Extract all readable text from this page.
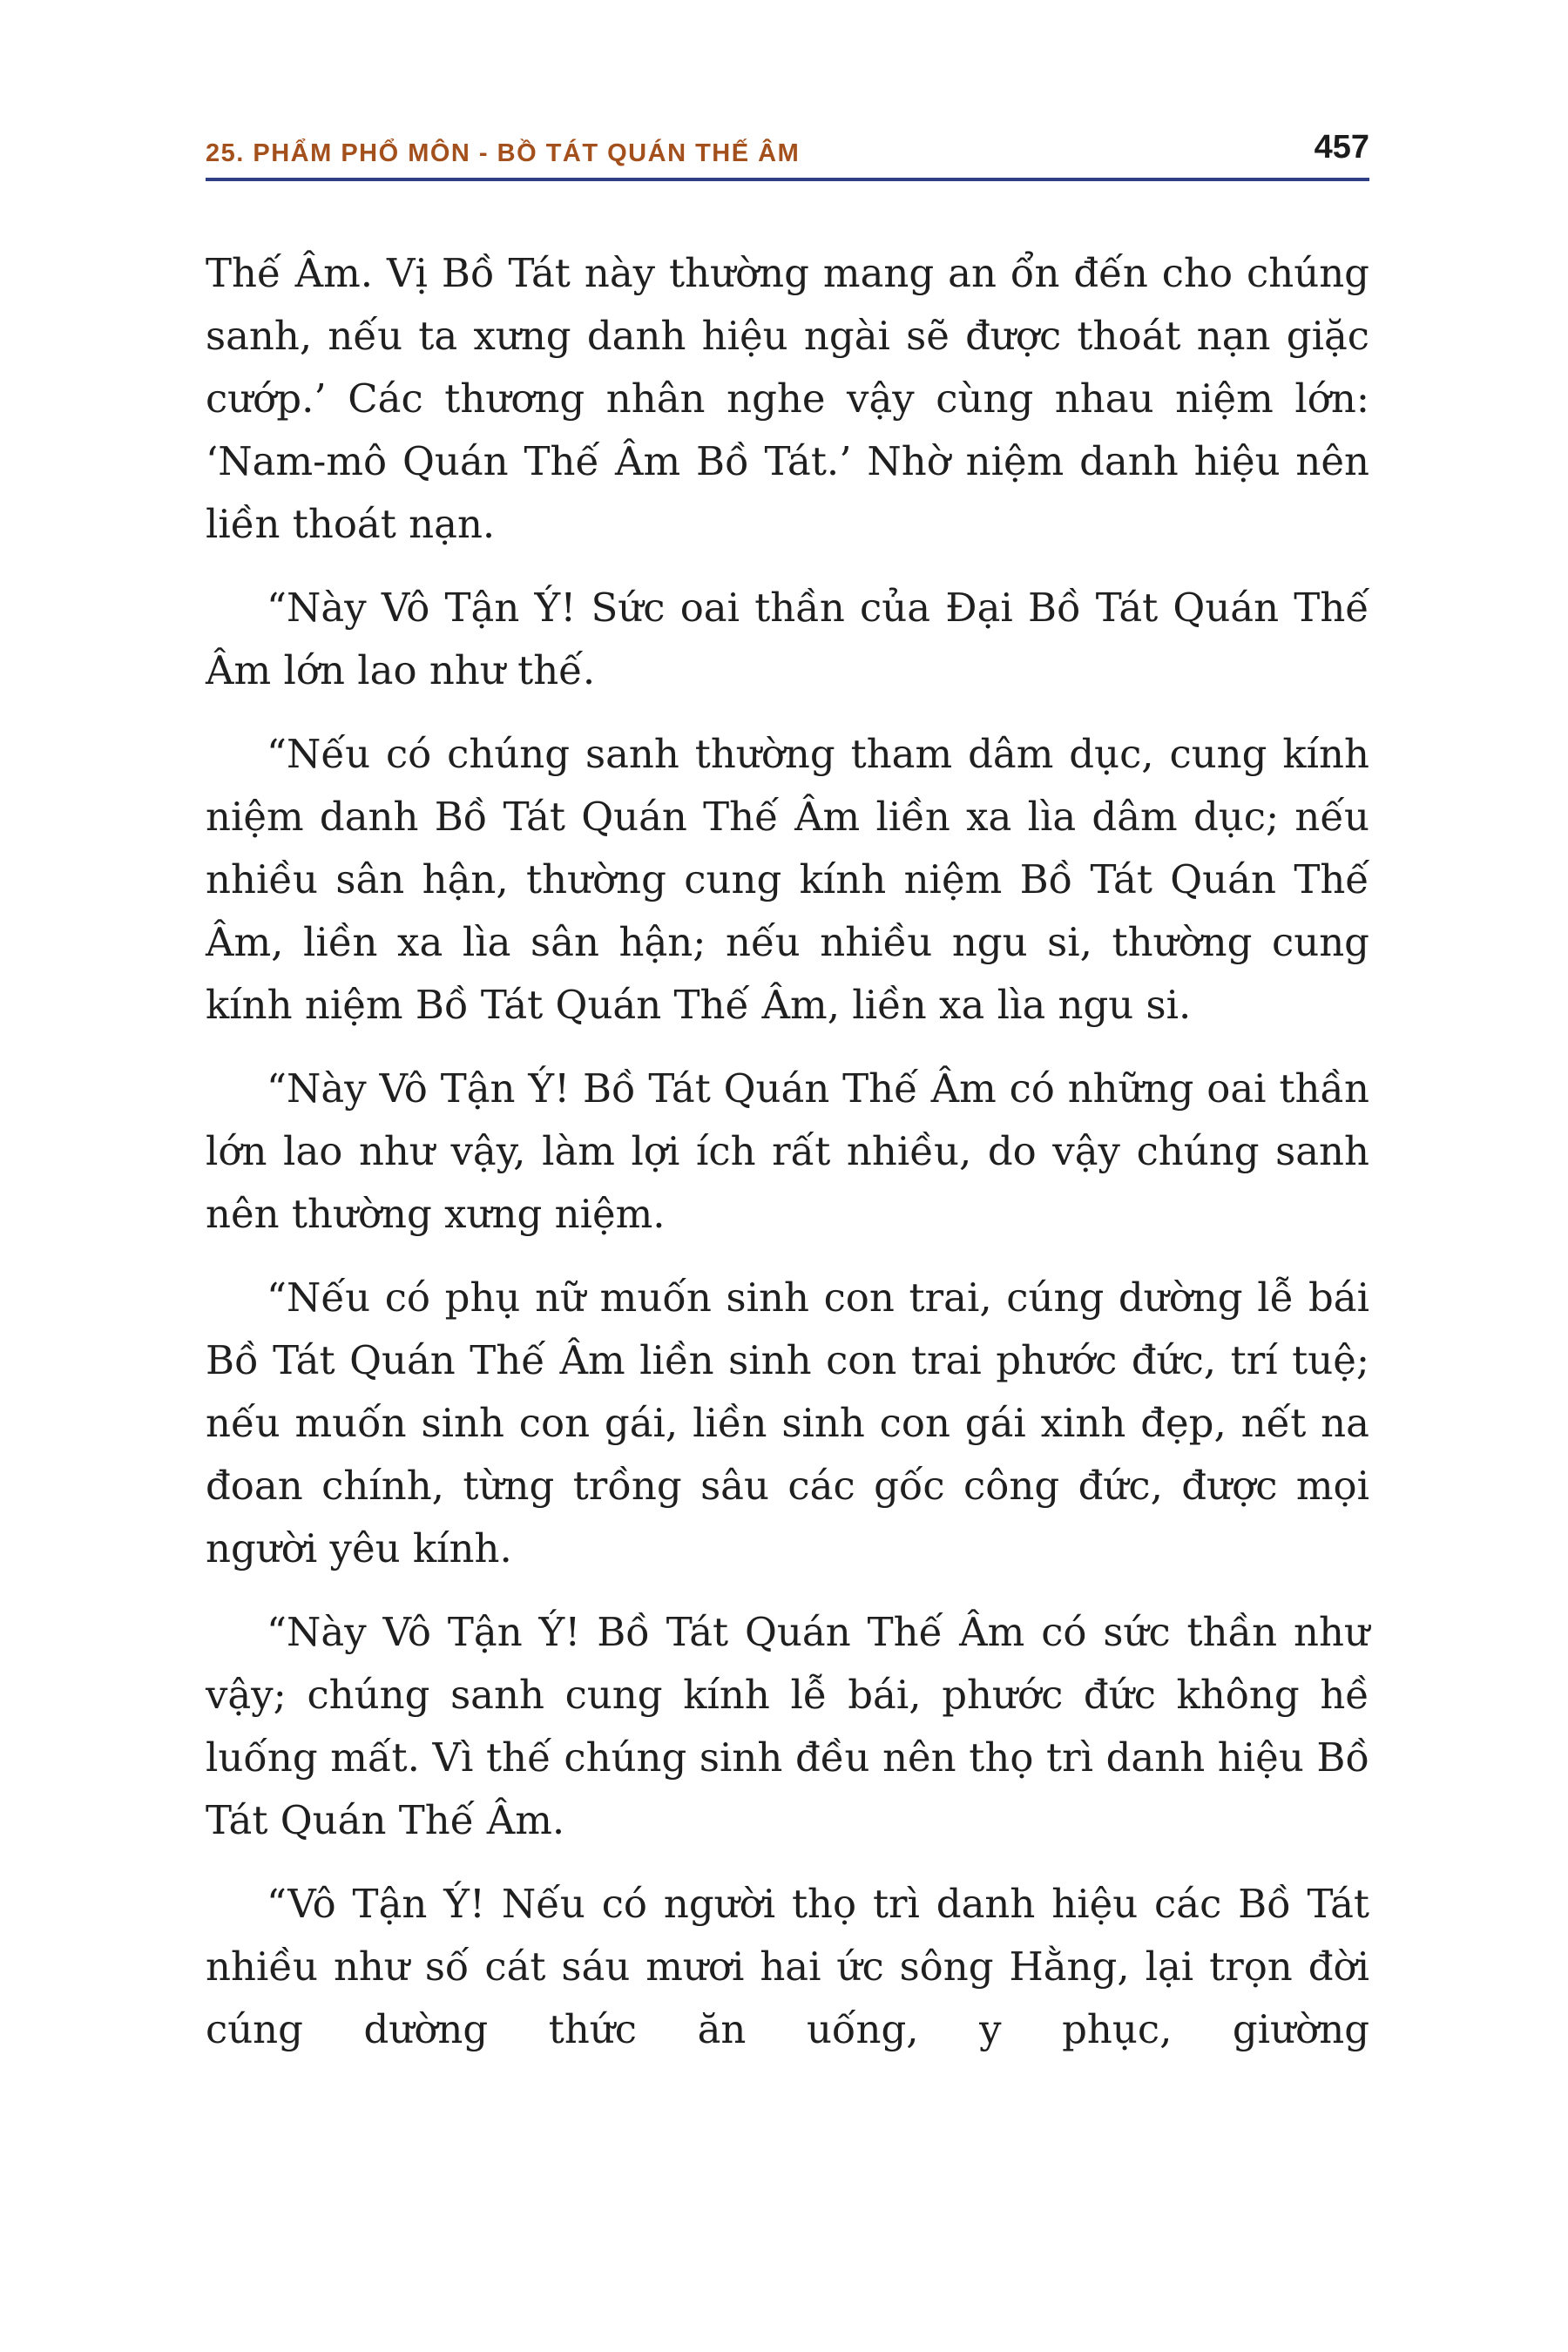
25. PHẨM PHỔ MÔN - BỒ TÁT QUÁN THẾ ÂM	457

Thế Âm. Vị Bồ Tát này thường mang an ổn đến cho chúng sanh, nếu ta xưng danh hiệu ngài sẽ được thoát nạn giặc cướp.’ Các thương nhân nghe vậy cùng nhau niệm lớn: ‘Nam-mô Quán Thế Âm Bồ Tát.’ Nhờ niệm danh hiệu nên liền thoát nạn.

“Này Vô Tận Ý! Sức oai thần của Đại Bồ Tát Quán Thế Âm lớn lao như thế.

“Nếu có chúng sanh thường tham dâm dục, cung kính niệm danh Bồ Tát Quán Thế Âm liền xa lìa dâm dục; nếu nhiều sân hận, thường cung kính niệm Bồ Tát Quán Thế Âm, liền xa lìa sân hận; nếu nhiều ngu si, thường cung kính niệm Bồ Tát Quán Thế Âm, liền xa lìa ngu si.

“Này Vô Tận Ý! Bồ Tát Quán Thế Âm có những oai thần lớn lao như vậy, làm lợi ích rất nhiều, do vậy chúng sanh nên thường xưng niệm.

“Nếu có phụ nữ muốn sinh con trai, cúng dường lễ bái Bồ Tát Quán Thế Âm liền sinh con trai phước đức, trí tuệ; nếu muốn sinh con gái, liền sinh con gái xinh đẹp, nết na đoan chính, từng trồng sâu các gốc công đức, được mọi người yêu kính.

“Này Vô Tận Ý! Bồ Tát Quán Thế Âm có sức thần như vậy; chúng sanh cung kính lễ bái, phước đức không hề luống mất. Vì thế chúng sinh đều nên thọ trì danh hiệu Bồ Tát Quán Thế Âm.

“Vô Tận Ý! Nếu có người thọ trì danh hiệu các Bồ Tát nhiều như số cát sáu mươi hai ức sông Hằng, lại trọn đời cúng dường thức ăn uống, y phục, giường
